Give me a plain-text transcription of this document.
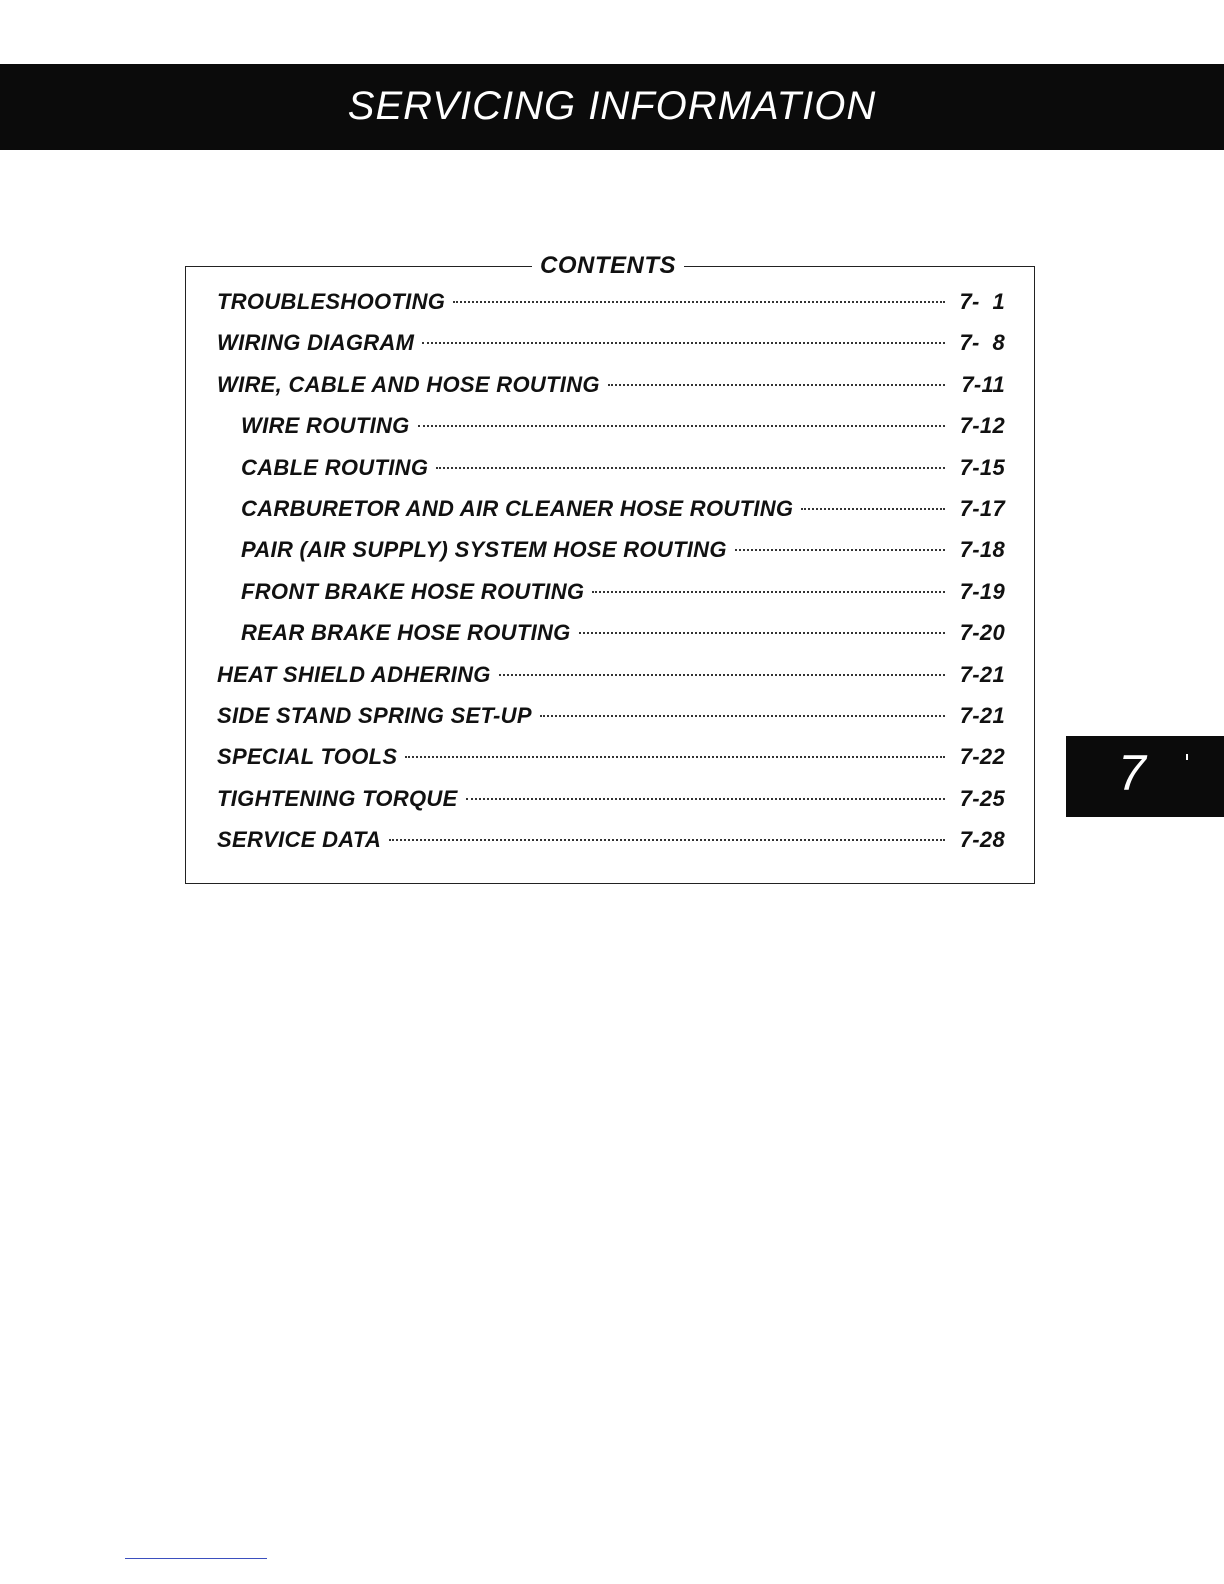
SERVICING INFORMATION
CONTENTS
TROUBLESHOOTING	7-  1
WIRING DIAGRAM	7-  8
WIRE, CABLE AND HOSE ROUTING	7-11
WIRE ROUTING	7-12
CABLE ROUTING	7-15
CARBURETOR AND AIR CLEANER HOSE ROUTING	7-17
PAIR (AIR SUPPLY) SYSTEM HOSE ROUTING	7-18
FRONT BRAKE HOSE ROUTING	7-19
REAR BRAKE HOSE ROUTING	7-20
HEAT SHIELD ADHERING	7-21
SIDE STAND SPRING SET-UP	7-21
SPECIAL TOOLS	7-22
TIGHTENING TORQUE	7-25
SERVICE DATA	7-28
7
